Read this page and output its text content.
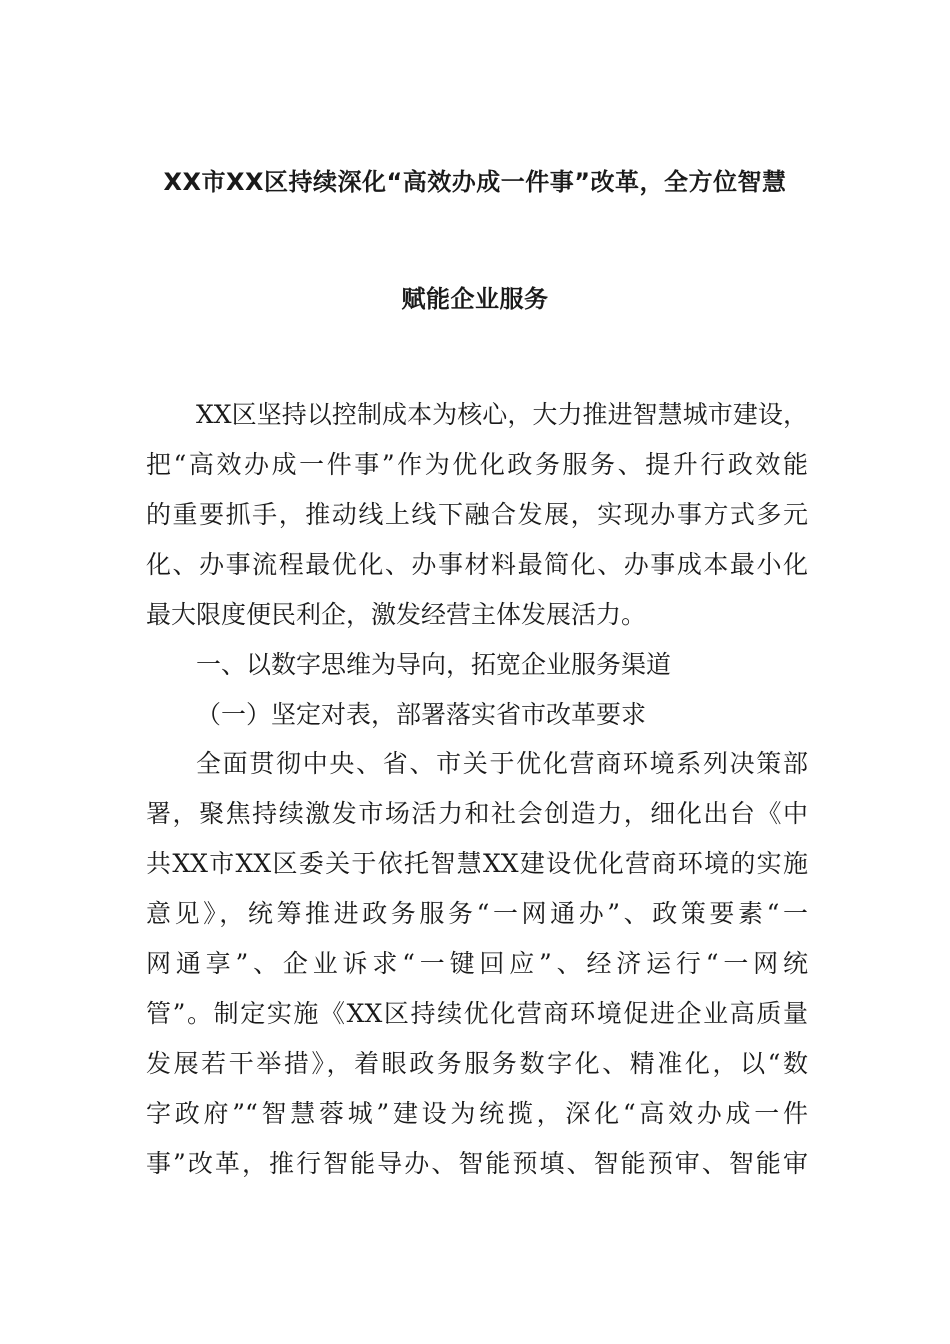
XX市XX区持续深化“高效办成一件事”改革，全方位智慧
赋能企业服务
XX区坚持以控制成本为核心，大力推进智慧城市建设，
把“高效办成一件事”作为优化政务服务、提升行政效能
的重要抓手，推动线上线下融合发展，实现办事方式多元
化、办事流程最优化、办事材料最简化、办事成本最小化
最大限度便民利企，激发经营主体发展活力。
一、以数字思维为导向，拓宽企业服务渠道
（一）坚定对表，部署落实省市改革要求
全面贯彻中央、省、市关于优化营商环境系列决策部
署，聚焦持续激发市场活力和社会创造力，细化出台《中
共XX市XX区委关于依托智慧XX建设优化营商环境的实施
意见》，统筹推进政务服务“一网通办”、政策要素“一
网通享”、企业诉求“一键回应”、经济运行“一网统
管”。制定实施《XX区持续优化营商环境促进企业高质量
发展若干举措》，着眼政务服务数字化、精准化，以“数
字政府”“智慧蓉城”建设为统揽，深化“高效办成一件
事”改革，推行智能导办、智能预填、智能预审、智能审
